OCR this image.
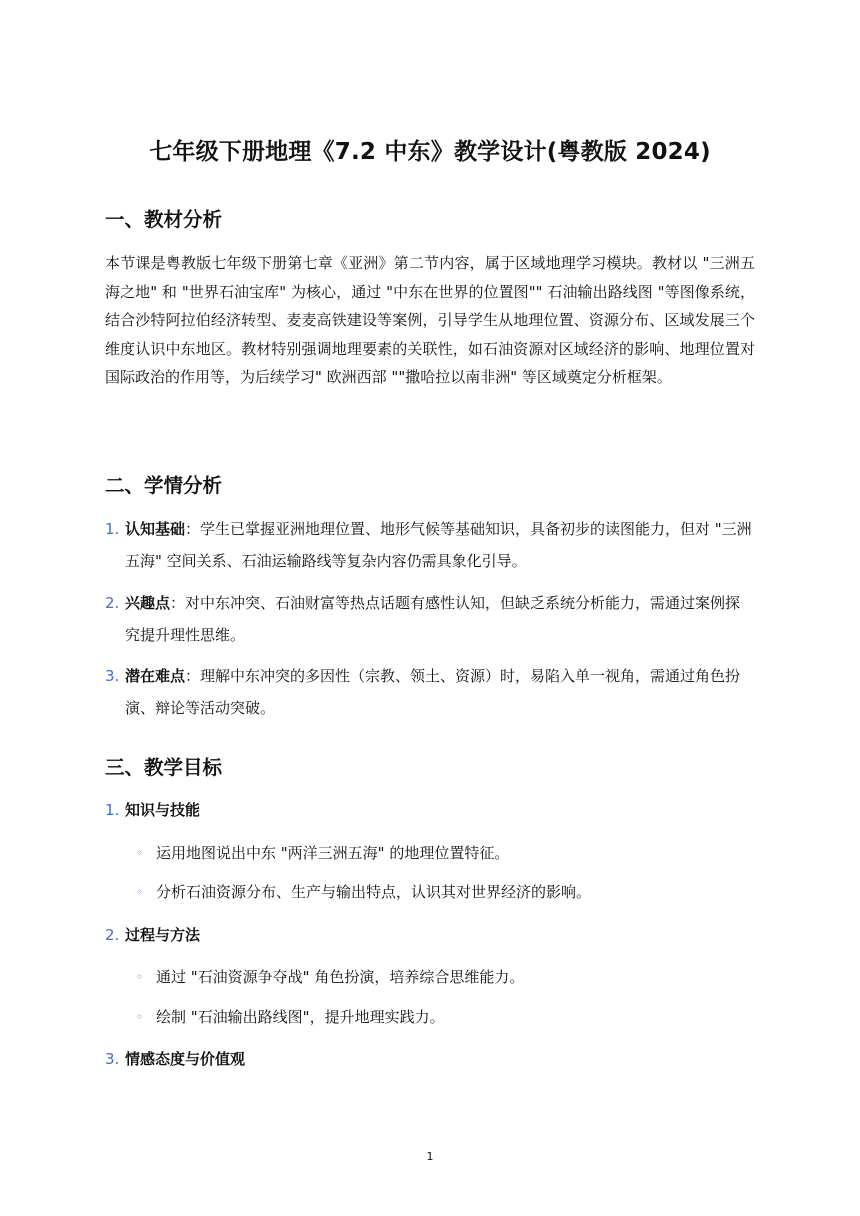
七年级下册地理《7.2 中东》教学设计(粤教版 2024)
一、教材分析
本节课是粤教版七年级下册第七章《亚洲》第二节内容，属于区域地理学习模块。教材以 "三洲五海之地" 和 "世界石油宝库" 为核心，通过 "中东在世界的位置图"" 石油输出路线图 "等图像系统，结合沙特阿拉伯经济转型、麦麦高铁建设等案例，引导学生从地理位置、资源分布、区域发展三个维度认识中东地区。教材特别强调地理要素的关联性，如石油资源对区域经济的影响、地理位置对国际政治的作用等，为后续学习" 欧洲西部 ""撒哈拉以南非洲" 等区域奠定分析框架。
二、学情分析
1. 认知基础：学生已掌握亚洲地理位置、地形气候等基础知识，具备初步的读图能力，但对 "三洲五海" 空间关系、石油运输路线等复杂内容仍需具象化引导。
2. 兴趣点：对中东冲突、石油财富等热点话题有感性认知，但缺乏系统分析能力，需通过案例探究提升理性思维。
3. 潜在难点：理解中东冲突的多因性（宗教、领土、资源）时，易陷入单一视角，需通过角色扮演、辩论等活动突破。
三、教学目标
1. 知识与技能
◦ 运用地图说出中东 "两洋三洲五海" 的地理位置特征。
◦ 分析石油资源分布、生产与输出特点，认识其对世界经济的影响。
2. 过程与方法
◦ 通过 "石油资源争夺战" 角色扮演，培养综合思维能力。
◦ 绘制 "石油输出路线图"，提升地理实践力。
3. 情感态度与价值观
1
